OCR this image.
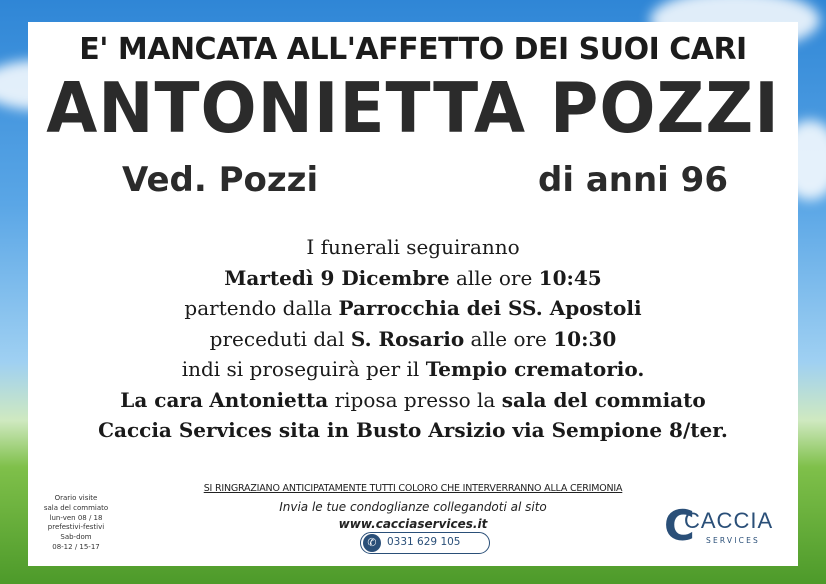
E' MANCATA ALL'AFFETTO DEI SUOI CARI
ANTONIETTA POZZI
Ved. Pozzi	di anni 96
I funerali seguiranno
Martedì 9 Dicembre alle ore 10:45
partendo dalla Parrocchia dei SS. Apostoli
preceduti dal S. Rosario alle ore 10:30
indi si proseguirà per il Tempio crematorio.
La cara Antonietta riposa presso la sala del commiato
Caccia Services sita in Busto Arsizio via Sempione 8/ter.
Orario visite
sala del commiato
lun-ven 08 / 18
prefestivi-festivi
Sab-dom
08-12 / 15-17
SI RINGRAZIANO ANTICIPATAMENTE TUTTI COLORO CHE INTERVERRANNO ALLA CERIMONIA
Invia le tue condoglianze collegandoti al sito
www.cacciaservices.it
✆ 0331 629 105	C
CACCIA
SERVICES
